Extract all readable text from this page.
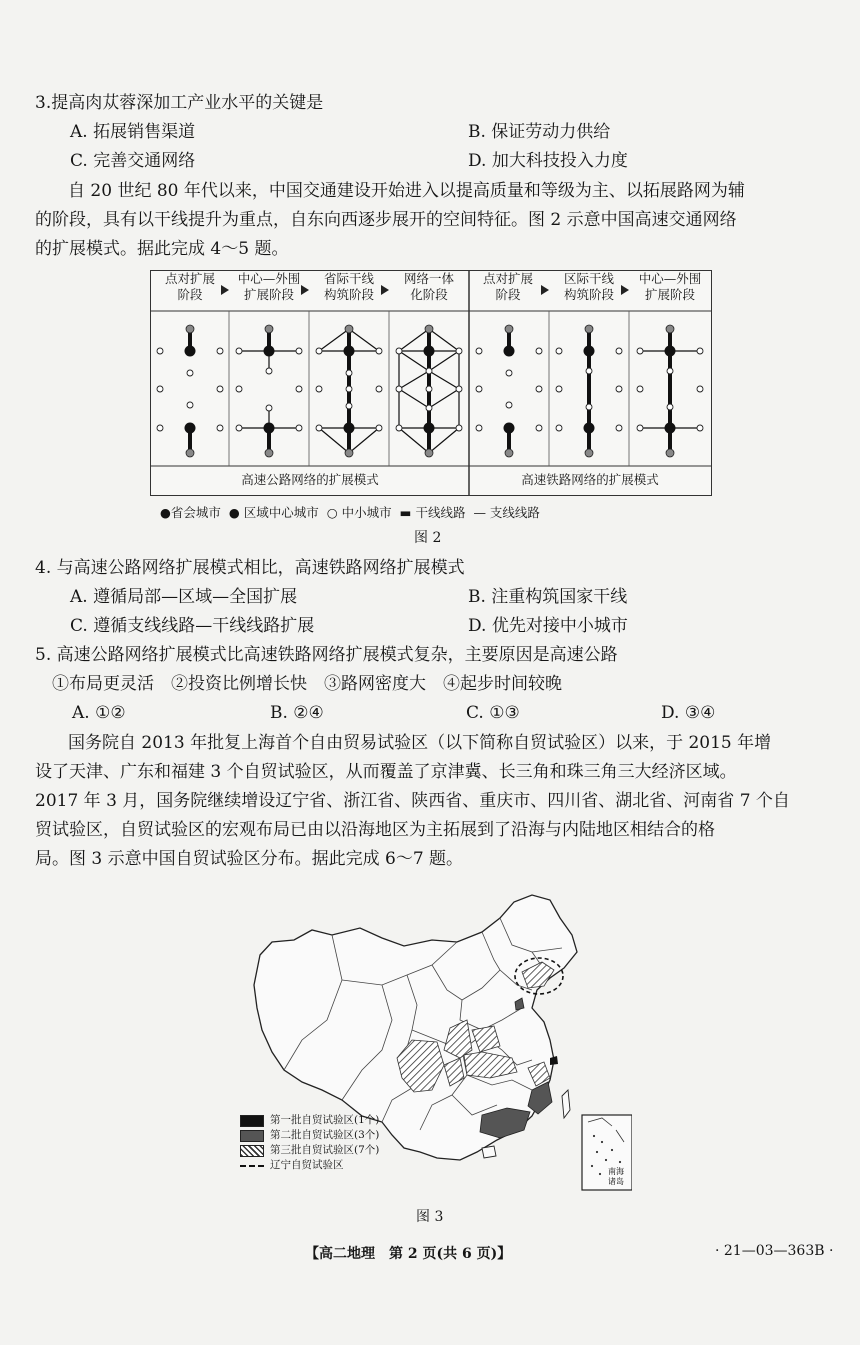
3.提高肉苁蓉深加工产业水平的关键是
A. 拓展销售渠道	B. 保证劳动力供给
C. 完善交通网络	D. 加大科技投入力度
自 20 世纪 80 年代以来，中国交通建设开始进入以提高质量和等级为主、以拓展路网为辅
的阶段，具有以干线提升为重点，自东向西逐步展开的空间特征。图 2 示意中国高速交通网络
的扩展模式。据此完成 4～5 题。
点对扩展
阶段
中心—外围
扩展阶段
省际干线
构筑阶段
网络一体
化阶段
点对扩展
阶段
区际干线
构筑阶段
中心—外围
扩展阶段
高速公路网络的扩展模式	高速铁路网络的扩展模式
●省会城市 ● 区域中心城市 ○ 中小城市 ▬ 干线线路 — 支线线路
图 2
4. 与高速公路网络扩展模式相比，高速铁路网络扩展模式
A. 遵循局部—区域—全国扩展	B. 注重构筑国家干线
C. 遵循支线线路—干线线路扩展	D. 优先对接中小城市
5. 高速公路网络扩展模式比高速铁路网络扩展模式复杂，主要原因是高速公路
①布局更灵活　②投资比例增长快　③路网密度大　④起步时间较晚
A. ①②	B. ②④	C. ①③	D. ③④
国务院自 2013 年批复上海首个自由贸易试验区（以下简称自贸试验区）以来，于 2015 年增
设了天津、广东和福建 3 个自贸试验区，从而覆盖了京津冀、长三角和珠三角三大经济区域。
2017 年 3 月，国务院继续增设辽宁省、浙江省、陕西省、重庆市、四川省、湖北省、河南省 7 个自
贸试验区，自贸试验区的宏观布局已由以沿海地区为主拓展到了沿海与内陆地区相结合的格
局。图 3 示意中国自贸试验区分布。据此完成 6～7 题。
南海
诸岛
第一批自贸试验区(1个)
第二批自贸试验区(3个)
第三批自贸试验区(7个)
辽宁自贸试验区
图 3
【高二地理　第 2 页(共 6 页)】	· 21—03—363B ·
